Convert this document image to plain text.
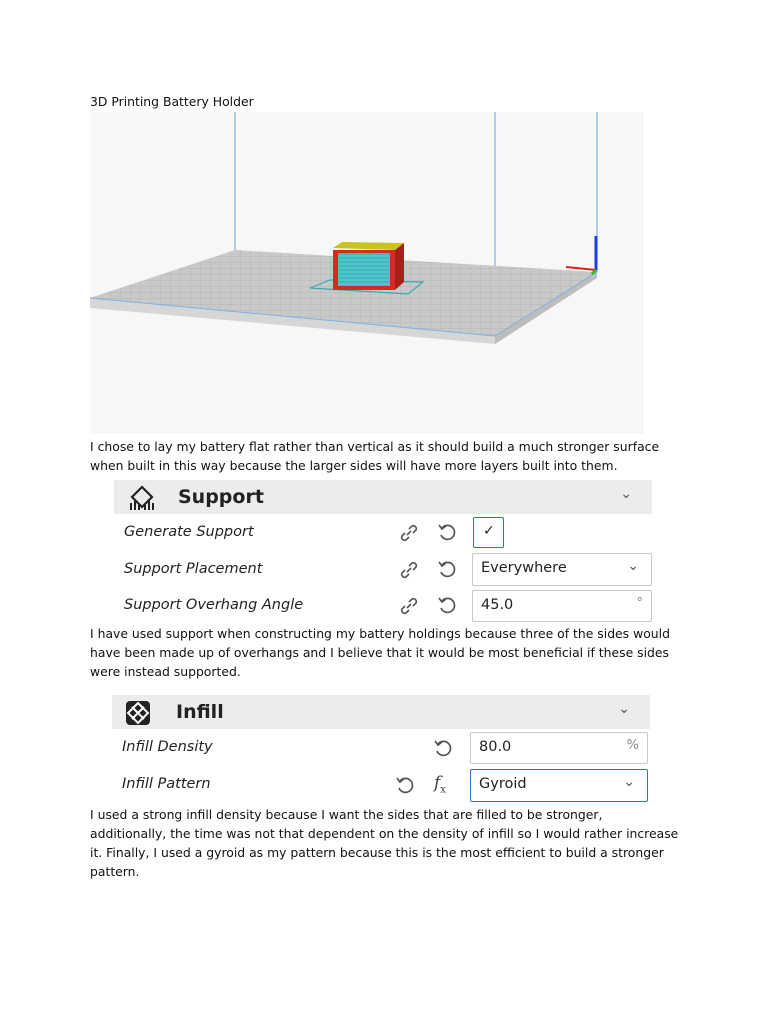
3D Printing Battery Holder
I chose to lay my battery flat rather than vertical as it should build a much stronger surface when built in this way because the larger sides will have more layers built into them.
Support	⌄
Generate Support	✓
Support Placement	Everywhere	⌄
Support Overhang Angle	45.0	°
I have used support when constructing my battery holdings because three of the sides would have been made up of overhangs and I believe that it would be most beneficial if these sides were instead supported.
Infill	⌄
Infill Density	80.0	%
Infill Pattern	$f_x$ Gyroid	⌄
I used a strong infill density because I want the sides that are filled to be stronger, additionally, the time was not that dependent on the density of infill so I would rather increase it. Finally, I used a gyroid as my pattern because this is the most efficient to build a stronger pattern.
